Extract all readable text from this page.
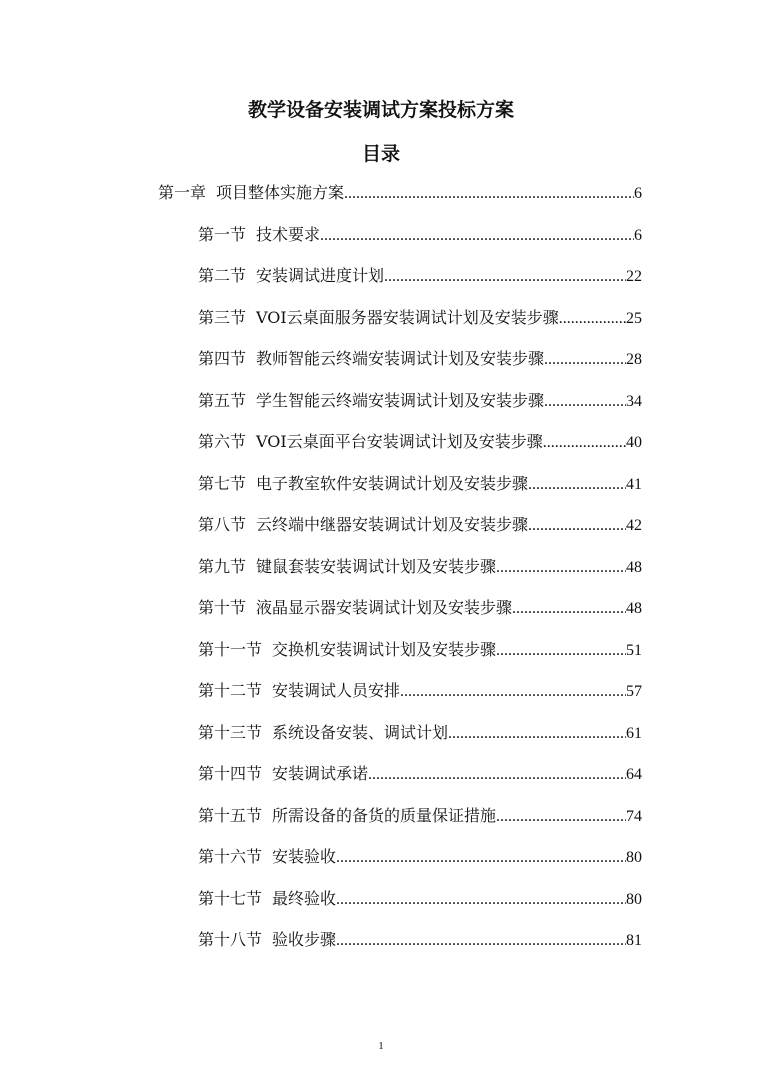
教学设备安装调试方案投标方案
目录
第一章 项目整体实施方案 .....	6
第一节 技术要求 .....	6
第二节 安装调试进度计划 .....	22
第三节 VOI云桌面服务器安装调试计划及安装步骤 .....	25
第四节 教师智能云终端安装调试计划及安装步骤 .....	28
第五节 学生智能云终端安装调试计划及安装步骤 .....	34
第六节 VOI云桌面平台安装调试计划及安装步骤 .....	40
第七节 电子教室软件安装调试计划及安装步骤 .....	41
第八节 云终端中继器安装调试计划及安装步骤 .....	42
第九节 键鼠套装安装调试计划及安装步骤 .....	48
第十节 液晶显示器安装调试计划及安装步骤 .....	48
第十一节 交换机安装调试计划及安装步骤 .....	51
第十二节 安装调试人员安排 .....	57
第十三节 系统设备安装、调试计划 .....	61
第十四节 安装调试承诺 .....	64
第十五节 所需设备的备货的质量保证措施 .....	74
第十六节 安装验收 .....	80
第十七节 最终验收 .....	80
第十八节 验收步骤 .....	81
1
